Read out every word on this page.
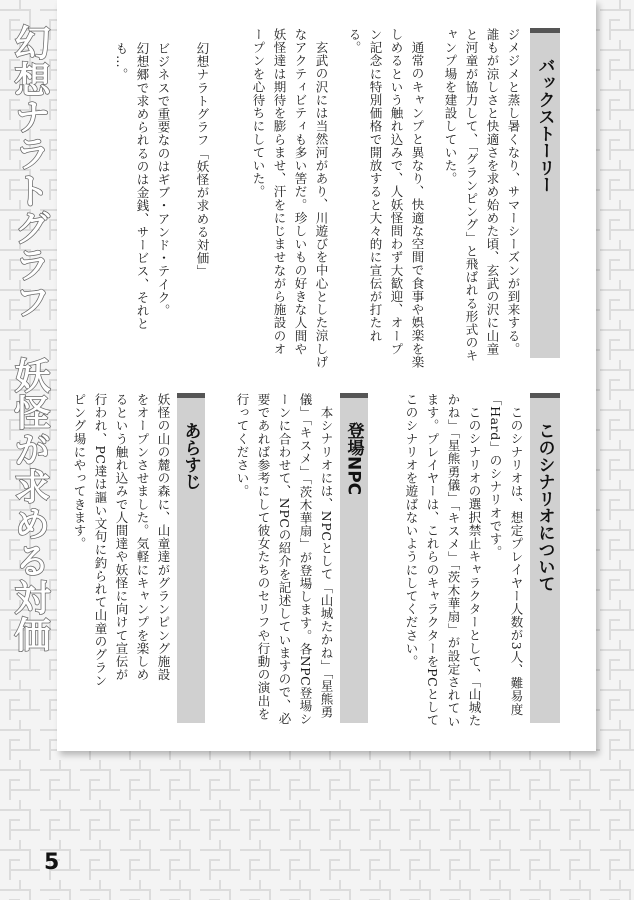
幻想ナラトグラフ　妖怪が求める対価	バックストーリー

ジメジメと蒸し暑くなり、サマーシーズンが到来する。誰もが涼しさと快適さを求め始めた頃、玄武の沢に山童と河童が協力して、「グランピング」と飛ばれる形式のキャンプ場を建設していた。

通常のキャンプと異なり、快適な空間で食事や娯楽を楽しめるという触れ込みで、人妖怪問わず大歓迎、オープン記念に特別価格で開放すると大々的に宣伝が打たれる。

玄武の沢には当然河があり、川遊びを中心とした涼しげなアクティビティも多い筈だ。珍しいもの好きな人間や妖怪達は期待を膨らませ、汗をにじませながら施設のオープンを心待ちにしていた。

幻想ナラトグラフ「妖怪が求める対価」

ビジネスで重要なのはギブ・アンド・テイク。

幻想郷で求められるのは金銭、サービス、それとも…。

このシナリオについて

このシナリオは、想定プレイヤー人数が3人、難易度「Hard」のシナリオです。

このシナリオの選択禁止キャラクターとして、「山城たかね」「星熊勇儀」「キスメ」「茨木華扇」が設定されています。プレイヤーは、これらのキャラクターをPCとしてこのシナリオを遊ばないようにしてください。

登場NPC

本シナリオには、NPCとして「山城たかね」「星熊勇儀」「キスメ」「茨木華扇」が登場します。各NPC登場シーンに合わせて、NPCの紹介を記述していますので、必要であれば参考にして彼女たちのセリフや行動の演出を行ってください。

あらすじ

妖怪の山の麓の森に、山童達がグランピング施設をオープンさせました。気軽にキャンプを楽しめるという触れ込みで人間達や妖怪に向けて宣伝が行われ、PC達は謳い文句に釣られて山童のグランピング場にやってきます。

5
